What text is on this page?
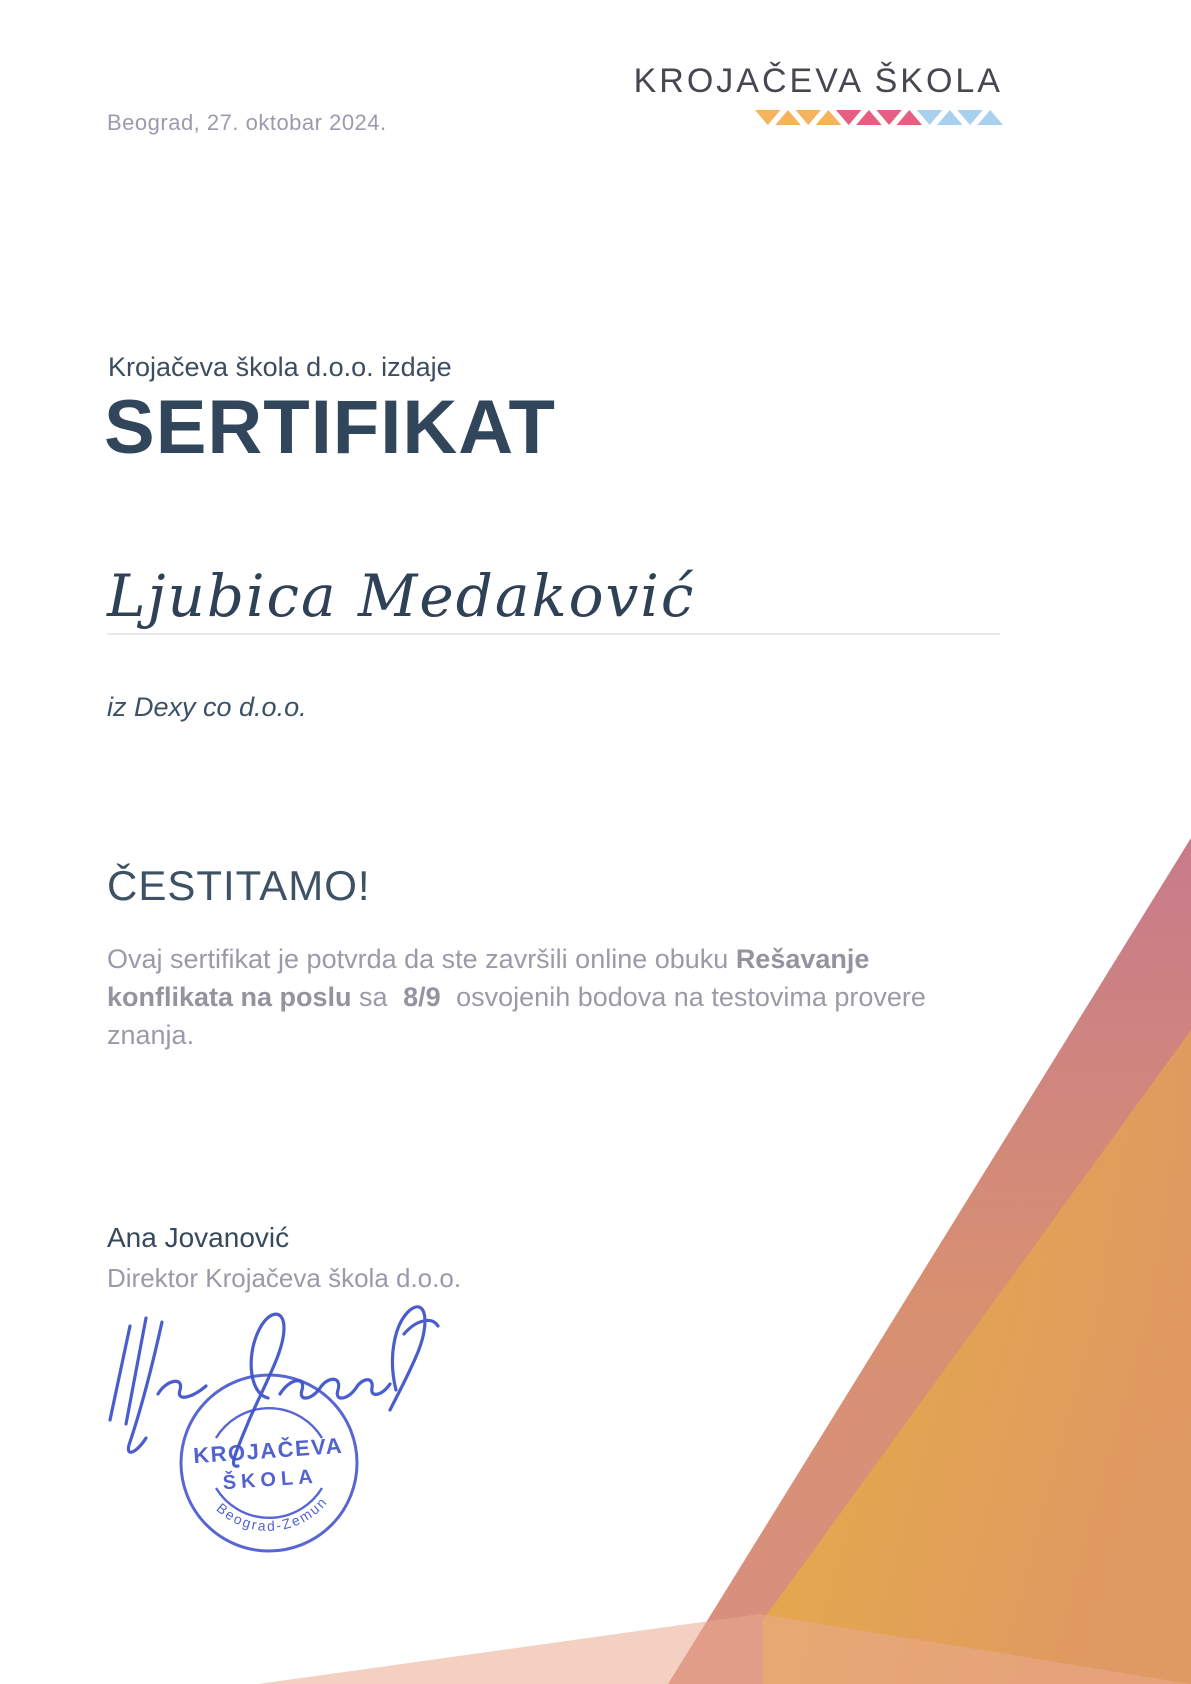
Beograd, 27. oktobar 2024.
KROJAČEVA ŠKOLA
Krojačeva škola d.o.o. izdaje
SERTIFIKAT
Ljubica Medaković
iz Dexy co d.o.o.
ČESTITAMO!

Ovaj sertifikat je potvrda da ste završili online obuku Rešavanje konflikata na poslu sa 8/9 osvojenih bodova na testovima provere znanja.

Ana Jovanović
Direktor Krojačeva škola d.o.o.
KROJAČEVA
ŠKOLA
Beograd-Zemun
